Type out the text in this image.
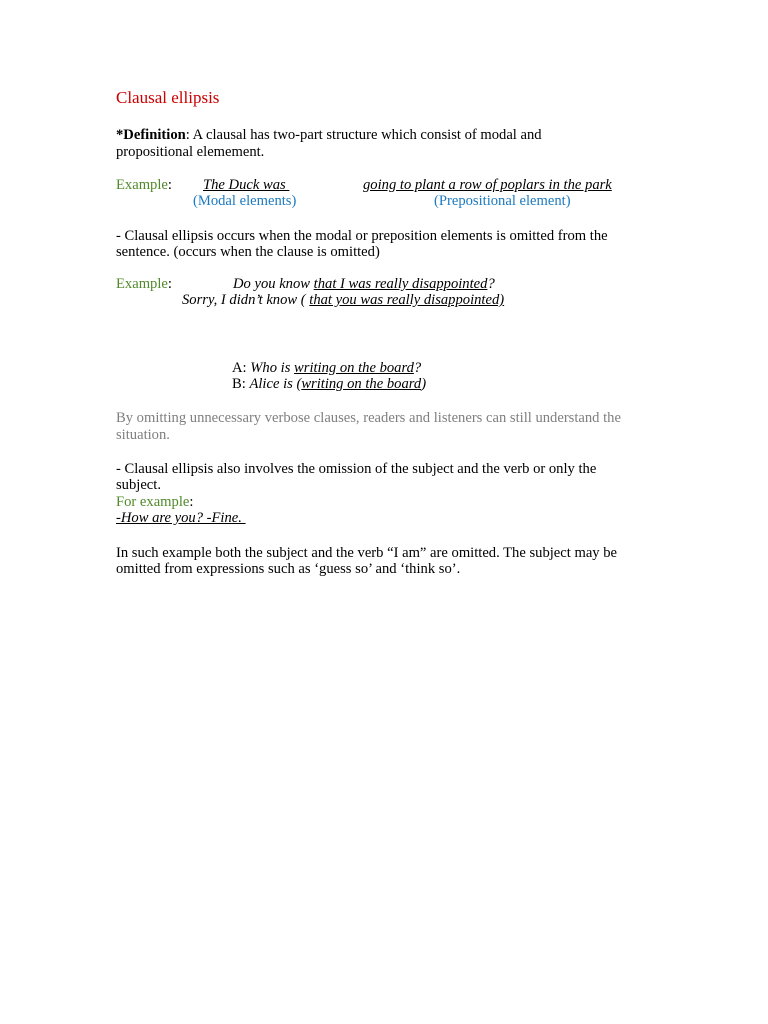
Clausal ellipsis
*Definition: A clausal has two-part structure which consist of modal and
propositional elemement.
Example: The Duck was	going to plant a row of poplars in the park
(Modal elements)	(Prepositional element)
- Clausal ellipsis occurs when the modal or preposition elements is omitted from the
sentence. (occurs when the clause is omitted)
Example:	Do you know that I was really disappointed?
Sorry, I didn’t know ( that you was really disappointed)
A: Who is writing on the board?
B: Alice is (writing on the board)
By omitting unnecessary verbose clauses, readers and listeners can still understand the
situation.
- Clausal ellipsis also involves the omission of the subject and the verb or only the
subject.
For example:
-How are you? -Fine.
In such example both the subject and the verb “I am” are omitted. The subject may be
omitted from expressions such as ‘guess so’ and ‘think so’.
